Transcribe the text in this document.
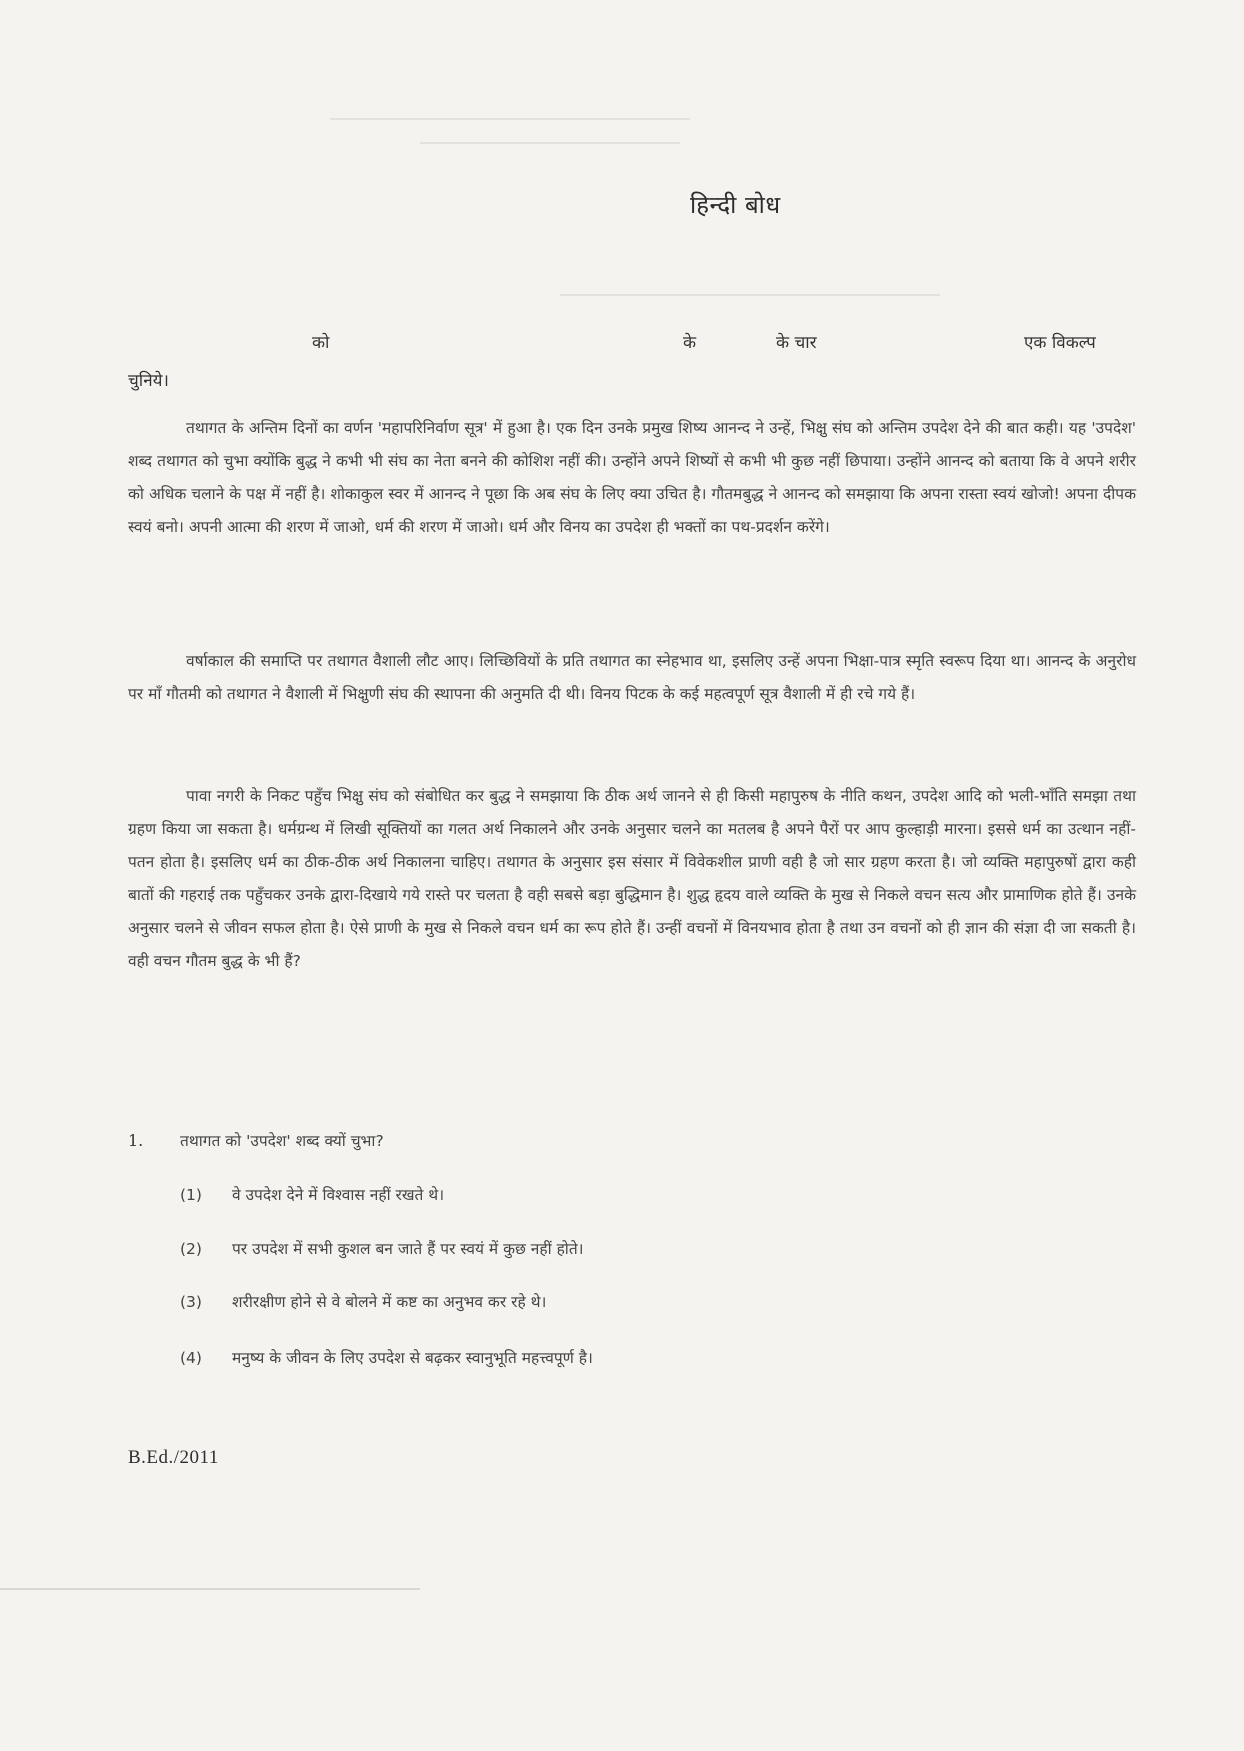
हिन्दी बोध
को	के	के चार	एक विकल्प
चुनिये।

तथागत के अन्तिम दिनों का वर्णन 'महापरिनिर्वाण सूत्र' में हुआ है। एक दिन उनके प्रमुख शिष्य आनन्द ने उन्हें, भिक्षु संघ को अन्तिम उपदेश देने की बात कही। यह 'उपदेश' शब्द तथागत को चुभा क्योंकि बुद्ध ने कभी भी संघ का नेता बनने की कोशिश नहीं की। उन्होंने अपने शिष्यों से कभी भी कुछ नहीं छिपाया। उन्होंने आनन्द को बताया कि वे अपने शरीर को अधिक चलाने के पक्ष में नहीं है। शोकाकुल स्वर में आनन्द ने पूछा कि अब संघ के लिए क्या उचित है। गौतमबुद्ध ने आनन्द को समझाया कि अपना रास्ता स्वयं खोजो! अपना दीपक स्वयं बनो। अपनी आत्मा की शरण में जाओ, धर्म की शरण में जाओ। धर्म और विनय का उपदेश ही भक्तों का पथ-प्रदर्शन करेंगे।

वर्षाकाल की समाप्ति पर तथागत वैशाली लौट आए। लिच्छिवियों के प्रति तथागत का स्नेहभाव था, इसलिए उन्हें अपना भिक्षा-पात्र स्मृति स्वरूप दिया था। आनन्द के अनुरोध पर माँ गौतमी को तथागत ने वैशाली में भिक्षुणी संघ की स्थापना की अनुमति दी थी। विनय पिटक के कई महत्वपूर्ण सूत्र वैशाली में ही रचे गये हैं।

पावा नगरी के निकट पहुँच भिक्षु संघ को संबोधित कर बुद्ध ने समझाया कि ठीक अर्थ जानने से ही किसी महापुरुष के नीति कथन, उपदेश आदि को भली-भाँति समझा तथा ग्रहण किया जा सकता है। धर्मग्रन्थ में लिखी सूक्तियों का गलत अर्थ निकालने और उनके अनुसार चलने का मतलब है अपने पैरों पर आप कुल्हाड़ी मारना। इससे धर्म का उत्थान नहीं-पतन होता है। इसलिए धर्म का ठीक-ठीक अर्थ निकालना चाहिए। तथागत के अनुसार इस संसार में विवेकशील प्राणी वही है जो सार ग्रहण करता है। जो व्यक्ति महापुरुषों द्वारा कही बातों की गहराई तक पहुँचकर उनके द्वारा-दिखाये गये रास्ते पर चलता है वही सबसे बड़ा बुद्धिमान है। शुद्ध हृदय वाले व्यक्ति के मुख से निकले वचन सत्य और प्रामाणिक होते हैं। उनके अनुसार चलने से जीवन सफल होता है। ऐसे प्राणी के मुख से निकले वचन धर्म का रूप होते हैं। उन्हीं वचनों में विनयभाव होता है तथा उन वचनों को ही ज्ञान की संज्ञा दी जा सकती है। वही वचन गौतम बुद्ध के भी हैं?

1. तथागत को 'उपदेश' शब्द क्यों चुभा?
(1) वे उपदेश देने में विश्वास नहीं रखते थे।
(2) पर उपदेश में सभी कुशल बन जाते हैं पर स्वयं में कुछ नहीं होते।
(3) शरीरक्षीण होने से वे बोलने में कष्ट का अनुभव कर रहे थे।
(4) मनुष्य के जीवन के लिए उपदेश से बढ़कर स्वानुभूति महत्त्वपूर्ण है।
B.Ed./2011
